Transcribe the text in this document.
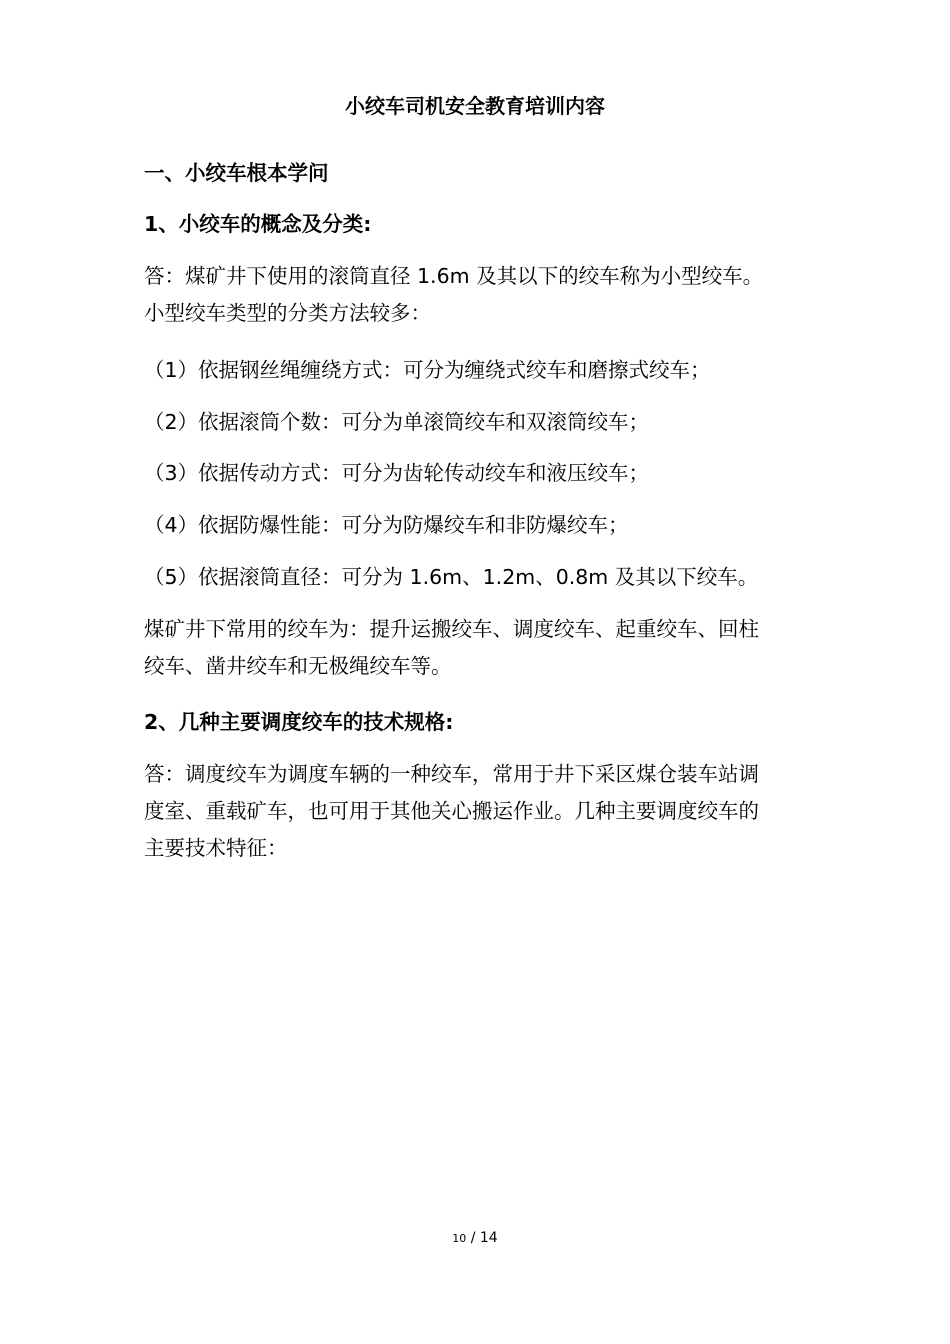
小绞车司机安全教育培训内容

一、小绞车根本学问

1、小绞车的概念及分类:

答：煤矿井下使用的滚筒直径 1.6m 及其以下的绞车称为小型绞车。
小型绞车类型的分类方法较多：

（1）依据钢丝绳缠绕方式：可分为缠绕式绞车和磨擦式绞车；

（2）依据滚筒个数：可分为单滚筒绞车和双滚筒绞车；

（3）依据传动方式：可分为齿轮传动绞车和液压绞车；

（4）依据防爆性能：可分为防爆绞车和非防爆绞车；

（5）依据滚筒直径：可分为 1.6m、1.2m、0.8m 及其以下绞车。

煤矿井下常用的绞车为：提升运搬绞车、调度绞车、起重绞车、回柱
绞车、凿井绞车和无极绳绞车等。

2、几种主要调度绞车的技术规格:

答：调度绞车为调度车辆的一种绞车，常用于井下采区煤仓装车站调
度室、重载矿车，也可用于其他关心搬运作业。几种主要调度绞车的
主要技术特征：

10 / 14
